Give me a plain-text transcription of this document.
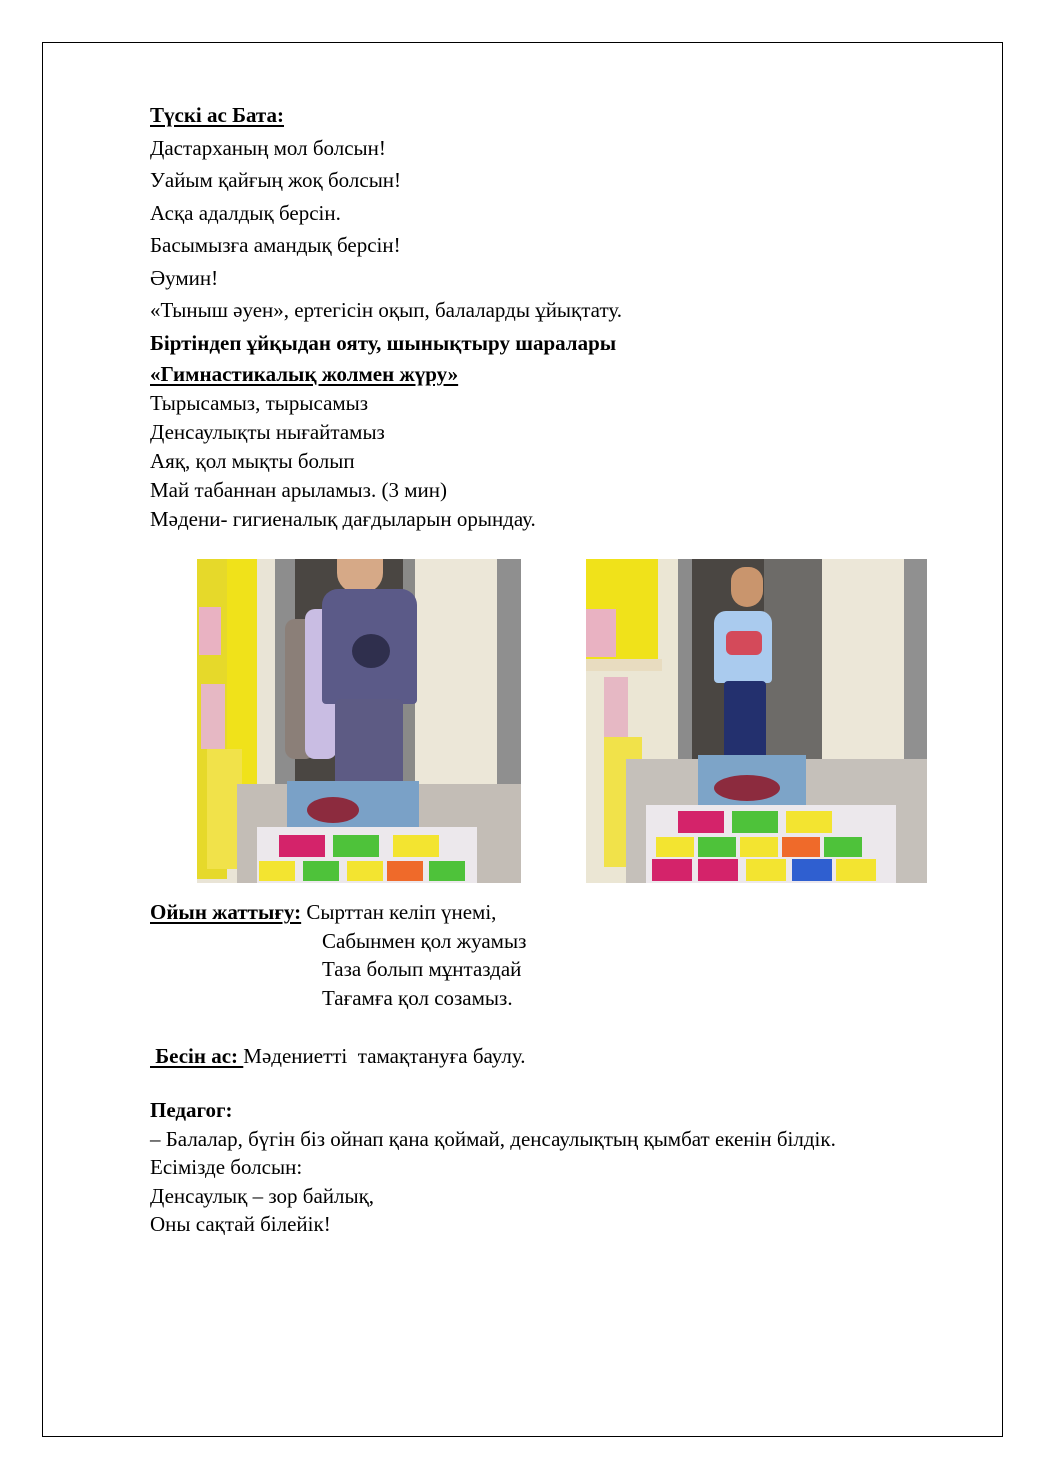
Түскі ас Бата:
Дастарханың мол болсын!
Уайым қайғың жоқ болсын!
Асқа адалдық берсін.
Басымызға амандық берсін!
Әумин!
«Тыныш әуен», ертегісін оқып, балаларды ұйықтату.
Біртіндеп ұйқыдан ояту, шынықтыру шаралары
«Гимнастикалық жолмен жүру»
Тырысамыз, тырысамыз
Денсаулықты нығайтамыз
Аяқ, қол мықты болып
Май табаннан арыламыз. (3 мин)
Мәдени- гигиеналық дағдыларын орындау.
Ойын жаттығу: Сырттан келіп үнемі,
Сабынмен қол жуамыз
Таза болып мұнтаздай
Тағамға қол созамыз.
Бесін ас: Мәдениетті  тамақтануға баулу.
Педагог:
– Балалар, бүгін біз ойнап қана қоймай, денсаулықтың қымбат екенін білдік.
Есімізде болсын:
Денсаулық – зор байлық,
Оны сақтай білейік!
